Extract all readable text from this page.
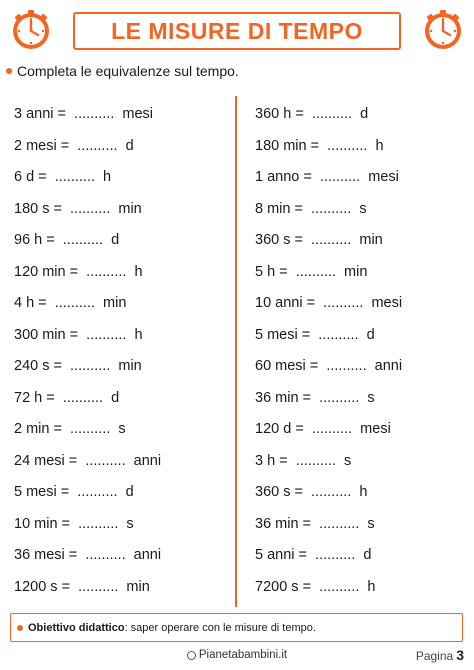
LE MISURE DI TEMPO
Completa le equivalenze sul tempo.
3 anni =  ..........  mesi
2 mesi =  ..........  d
6 d =  ..........  h
180 s =  ..........  min
96 h =  ..........  d
120 min =  ..........  h
4 h =  ..........  min
300 min =  ..........  h
240 s =  ..........  min
72 h =  ..........  d
2 min =  ..........  s
24 mesi =  ..........  anni
5 mesi =  ..........  d
10 min =  ..........  s
36 mesi =  ..........  anni
1200 s =  ..........  min
360 h =  ..........  d
180 min =  ..........  h
1 anno =  ..........  mesi
8 min =  ..........  s
360 s =  ..........  min
5 h =  ..........  min
10 anni =  ..........  mesi
5 mesi =  ..........  d
60 mesi =  ..........  anni
36 min =  ..........  s
120 d =  ..........  mesi
3 h =  ..........  s
360 s =  ..........  h
36 min =  ..........  s
5 anni =  ..........  d
7200 s =  ..........  h
Obiettivo didattico : saper operare con le misure di tempo.
Pianetabambini.it	Pagina 3
